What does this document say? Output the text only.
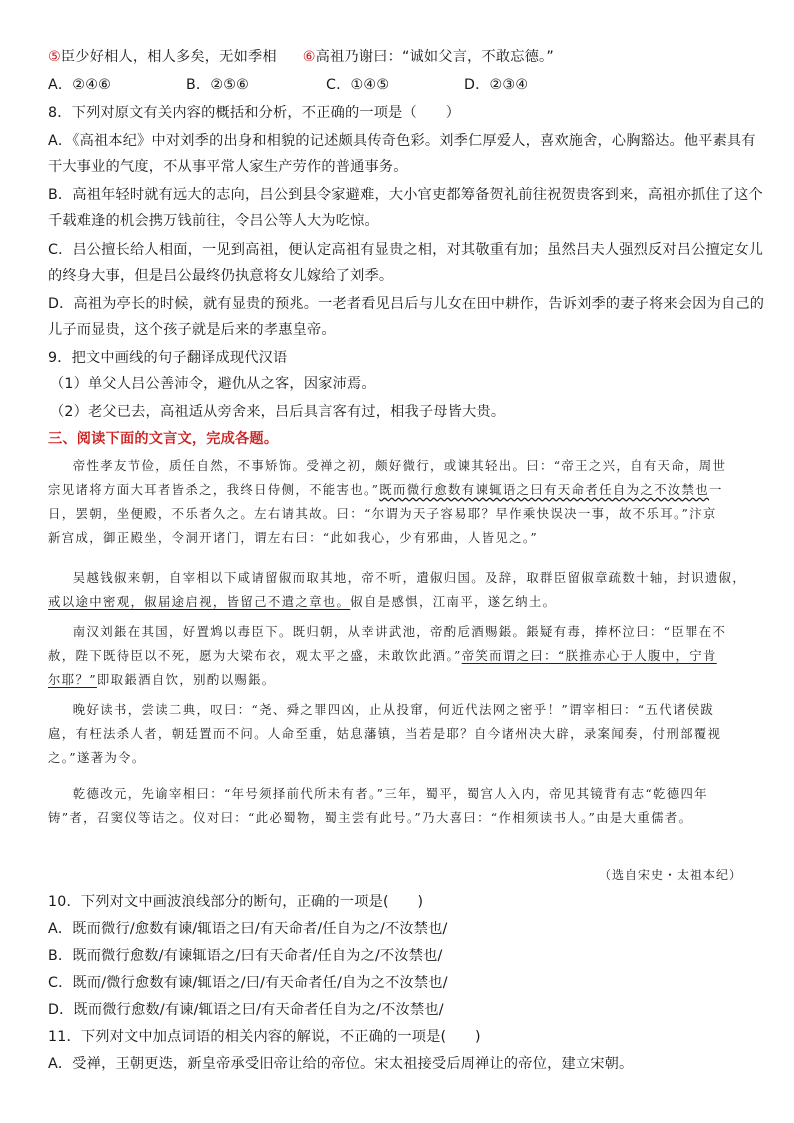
⑤臣少好相人，相人多矣，无如季相 ⑥高祖乃谢曰：“诚如父言，不敢忘德。”
A．②④⑥	B．②⑤⑥	C．①④⑤	D．②③④
8．下列对原文有关内容的概括和分析，不正确的一项是（　　）
A．《高祖本纪》中对刘季的出身和相貌的记述颇具传奇色彩。刘季仁厚爱人，喜欢施舍，心胸豁达。他平素具有
干大事业的气度，不从事平常人家生产劳作的普通事务。
B．高祖年轻时就有远大的志向，吕公到县令家避难，大小官吏都筹备贺礼前往祝贺贵客到来，高祖亦抓住了这个
千载难逢的机会携万钱前往，令吕公等人大为吃惊。
C．吕公擅长给人相面，一见到高祖，便认定高祖有显贵之相，对其敬重有加；虽然吕夫人强烈反对吕公擅定女儿
的终身大事，但是吕公最终仍执意将女儿嫁给了刘季。
D．高祖为亭长的时候，就有显贵的预兆。一老者看见吕后与儿女在田中耕作，告诉刘季的妻子将来会因为自己的
儿子而显贵，这个孩子就是后来的孝惠皇帝。
9．把文中画线的句子翻译成现代汉语
（1）单父人吕公善沛令，避仇从之客，因家沛焉。
（2）老父已去，高祖适从旁舍来，吕后具言客有过，相我子母皆大贵。
三、阅读下面的文言文，完成各题。
帝性孝友节俭，质任自然，不事矫饰。受禅之初，颇好微行，或谏其轻出。曰：“帝王之兴，自有天命，周世
宗见诸将方面大耳者皆杀之，我终日侍侧，不能害也。”既而微行愈数有谏辄语之曰有天命者任自为之不汝禁也一
日，罢朝，坐便殿，不乐者久之。左右请其故。曰：“尔谓为天子容易耶？早作乘快误决一事，故不乐耳。”汴京
新宫成，御正殿坐，令洞开诸门，谓左右曰：“此如我心，少有邪曲，人皆见之。”
吴越钱俶来朝，自宰相以下咸请留俶而取其地，帝不听，遣俶归国。及辞，取群臣留俶章疏数十轴，封识遗俶，
戒以途中密观，俶届途启视，皆留己不遣之章也。俶自是感惧，江南平，遂乞纳土。
南汉刘鋹在其国，好置鸩以毒臣下。既归朝，从幸讲武池，帝酌卮酒赐鋹。鋹疑有毒，捧杯泣曰：“臣罪在不
赦，陛下既待臣以不死，愿为大梁布衣，观太平之盛，未敢饮此酒。”帝笑而谓之曰：“朕推赤心于人腹中，宁肯
尔耶？”即取鋹酒自饮，别酌以赐鋹。
晚好读书，尝读二典，叹曰：“尧、舜之罪四凶，止从投窜，何近代法网之密乎！”谓宰相曰：“五代诸侯跋
扈，有枉法杀人者，朝廷置而不问。人命至重，姑息藩镇，当若是耶？自今诸州决大辟，录案闻奏，付刑部覆视
之。”遂著为令。
乾德改元，先谕宰相曰：“年号须择前代所未有者。”三年，蜀平，蜀宫人入内，帝见其镜背有志“乾德四年
铸”者，召窦仪等诘之。仪对曰：“此必蜀物，蜀主尝有此号。”乃大喜曰：“作相须读书人。”由是大重儒者。
（选自宋史・太祖本纪）
10．下列对文中画波浪线部分的断句，正确的一项是(　　)
A．既而微行/愈数有谏/辄语之曰/有天命者/任自为之/不汝禁也/
B．既而微行愈数/有谏辄语之/曰有天命者/任自为之/不汝禁也/
C．既而/微行愈数有谏/辄语之/曰/有天命者任/自为之不汝禁也/
D．既而微行愈数/有谏/辄语之曰/有天命者任自为之/不汝禁也/
11．下列对文中加点词语的相关内容的解说，不正确的一项是(　　)
A．受禅，王朝更迭，新皇帝承受旧帝让给的帝位。宋太祖接受后周禅让的帝位，建立宋朝。
